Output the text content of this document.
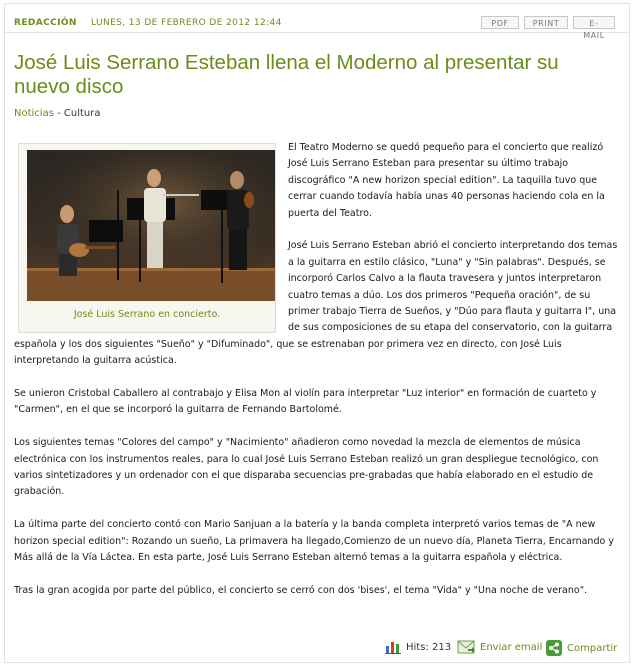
REDACCIÓN LUNES, 13 DE FEBRERO DE 2012 12:44	PDF	PRINT	E-MAIL
José Luis Serrano Esteban llena el Moderno al presentar su nuevo disco
Noticias - Cultura
José Luis Serrano en concierto.

El Teatro Moderno se quedó pequeño para el concierto que realizó José Luis Serrano Esteban para presentar su último trabajo discográfico "A new horizon special edition". La taquilla tuvo que cerrar cuando todavía había unas 40 personas haciendo cola en la puerta del Teatro.

José Luis Serrano Esteban abrió el concierto interpretando dos temas a la guitarra en estilo clásico, "Luna" y "Sin palabras". Después, se incorporó Carlos Calvo a la flauta travesera y juntos interpretaron cuatro temas a dúo. Los dos primeros "Pequeña oración", de su primer trabajo Tierra de Sueños, y "Dúo para flauta y guitarra I", una de sus composiciones de su etapa del conservatorio, con la guitarra española y los dos siguientes "Sueño" y "Difuminado", que se estrenaban por primera vez en directo, con José Luis interpretando la guitarra acústica.

Se unieron Cristobal Caballero al contrabajo y Elisa Mon al violín para interpretar "Luz interior" en formación de cuarteto y "Carmen", en el que se incorporó la guitarra de Fernando Bartolomé.

Los siguientes temas "Colores del campo" y "Nacimiento" añadieron como novedad la mezcla de elementos de música electrónica con los instrumentos reales, para lo cual José Luis Serrano Esteban realizó un gran despliegue tecnológico, con varios sintetizadores y un ordenador con el que disparaba secuencias pre-grabadas que había elaborado en el estudio de grabación.

La última parte del concierto contó con Mario Sanjuan a la batería y la banda completa interpretó varios temas de "A new horizon special edition": Rozando un sueño, La primavera ha llegado,Comienzo de un nuevo día, Planeta Tierra, Encarnando y Más allá de la Vía Láctea. En esta parte, José Luis Serrano Esteban alternó temas a la guitarra española y eléctrica.

Tras la gran acogida por parte del público, el concierto se cerró con dos 'bises', el tema "Vida" y "Una noche de verano".

Hits: 213	Enviar email Compartir
